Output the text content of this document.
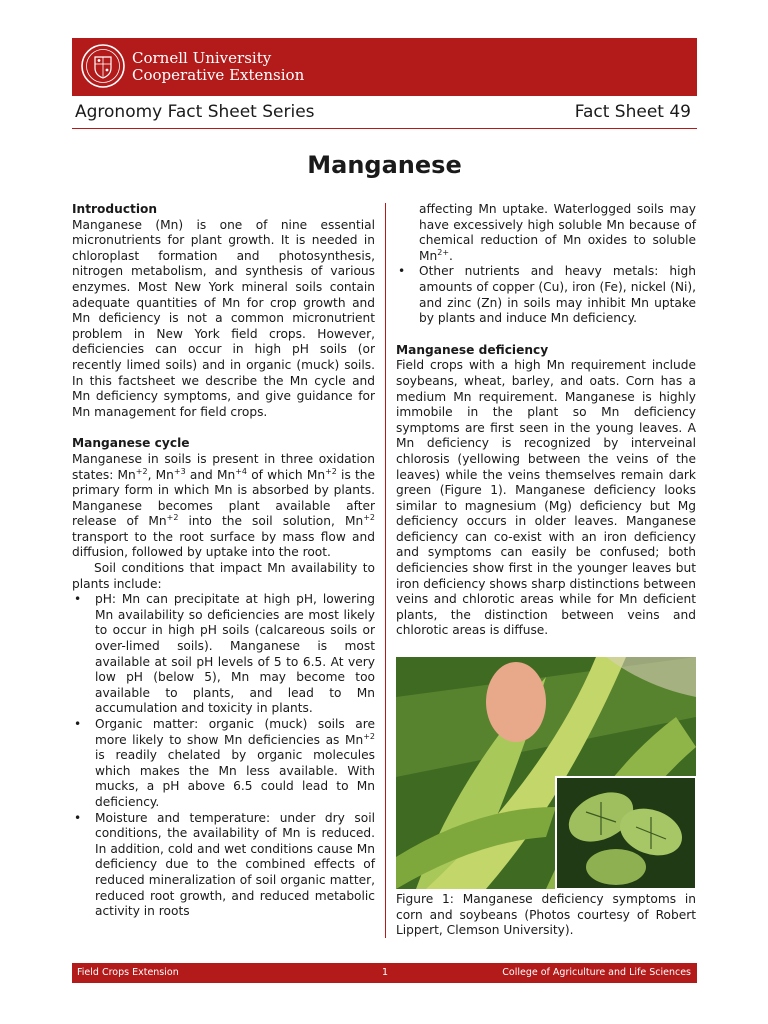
Cornell University
Cooperative Extension
Agronomy Fact Sheet Series	Fact Sheet 49
Manganese

Introduction

Manganese (Mn) is one of nine essential micronutrients for plant growth. It is needed in chloroplast formation and photosynthesis, nitrogen metabolism, and synthesis of various enzymes. Most New York mineral soils contain adequate quantities of Mn for crop growth and Mn deficiency is not a common micronutrient problem in New York field crops. However, deficiencies can occur in high pH soils (or recently limed soils) and in organic (muck) soils. In this factsheet we describe the Mn cycle and Mn deficiency symptoms, and give guidance for Mn management for field crops.

Manganese cycle

Manganese in soils is present in three oxidation states: $Mn^{+2}$, $Mn^{+3}$ and $Mn^{+4}$ of which $Mn^{+2}$ is the primary form in which Mn is absorbed by plants. Manganese becomes plant available after release of $Mn^{+2}$ into the soil solution, $Mn^{+2}$ transport to the root surface by mass flow and diffusion, followed by uptake into the root.

Soil conditions that impact Mn availability to plants include:

• pH: Mn can precipitate at high pH, lowering Mn availability so deficiencies are most likely to occur in high pH soils (calcareous soils or over-limed soils). Manganese is most available at soil pH levels of 5 to 6.5. At very low pH (below 5), Mn may become too available to plants, and lead to Mn accumulation and toxicity in plants.
• Organic matter: organic (muck) soils are more likely to show Mn deficiencies as $Mn^{+2}$ is readily chelated by organic molecules which makes the Mn less available. With mucks, a pH above 6.5 could lead to Mn deficiency.
• Moisture and temperature: under dry soil conditions, the availability of Mn is reduced. In addition, cold and wet conditions cause Mn deficiency due to the combined effects of reduced mineralization of soil organic matter, reduced root growth, and reduced metabolic activity in roots
affecting Mn uptake. Waterlogged soils may have excessively high soluble Mn because of chemical reduction of Mn oxides to soluble $Mn^{2+}$.
• Other nutrients and heavy metals: high amounts of copper (Cu), iron (Fe), nickel (Ni), and zinc (Zn) in soils may inhibit Mn uptake by plants and induce Mn deficiency.

Manganese deficiency

Field crops with a high Mn requirement include soybeans, wheat, barley, and oats. Corn has a medium Mn requirement. Manganese is highly immobile in the plant so Mn deficiency symptoms are first seen in the young leaves. A Mn deficiency is recognized by interveinal chlorosis (yellowing between the veins of the leaves) while the veins themselves remain dark green (Figure 1). Manganese deficiency looks similar to magnesium (Mg) deficiency but Mg deficiency occurs in older leaves. Manganese deficiency can co-exist with an iron deficiency and symptoms can easily be confused; both deficiencies show first in the younger leaves but iron deficiency shows sharp distinctions between veins and chlorotic areas while for Mn deficient plants, the distinction between veins and chlorotic areas is diffuse.

Figure 1: Manganese deficiency symptoms in corn and soybeans (Photos courtesy of Robert Lippert, Clemson University).
Field Crops Extension	1	College of Agriculture and Life Sciences
